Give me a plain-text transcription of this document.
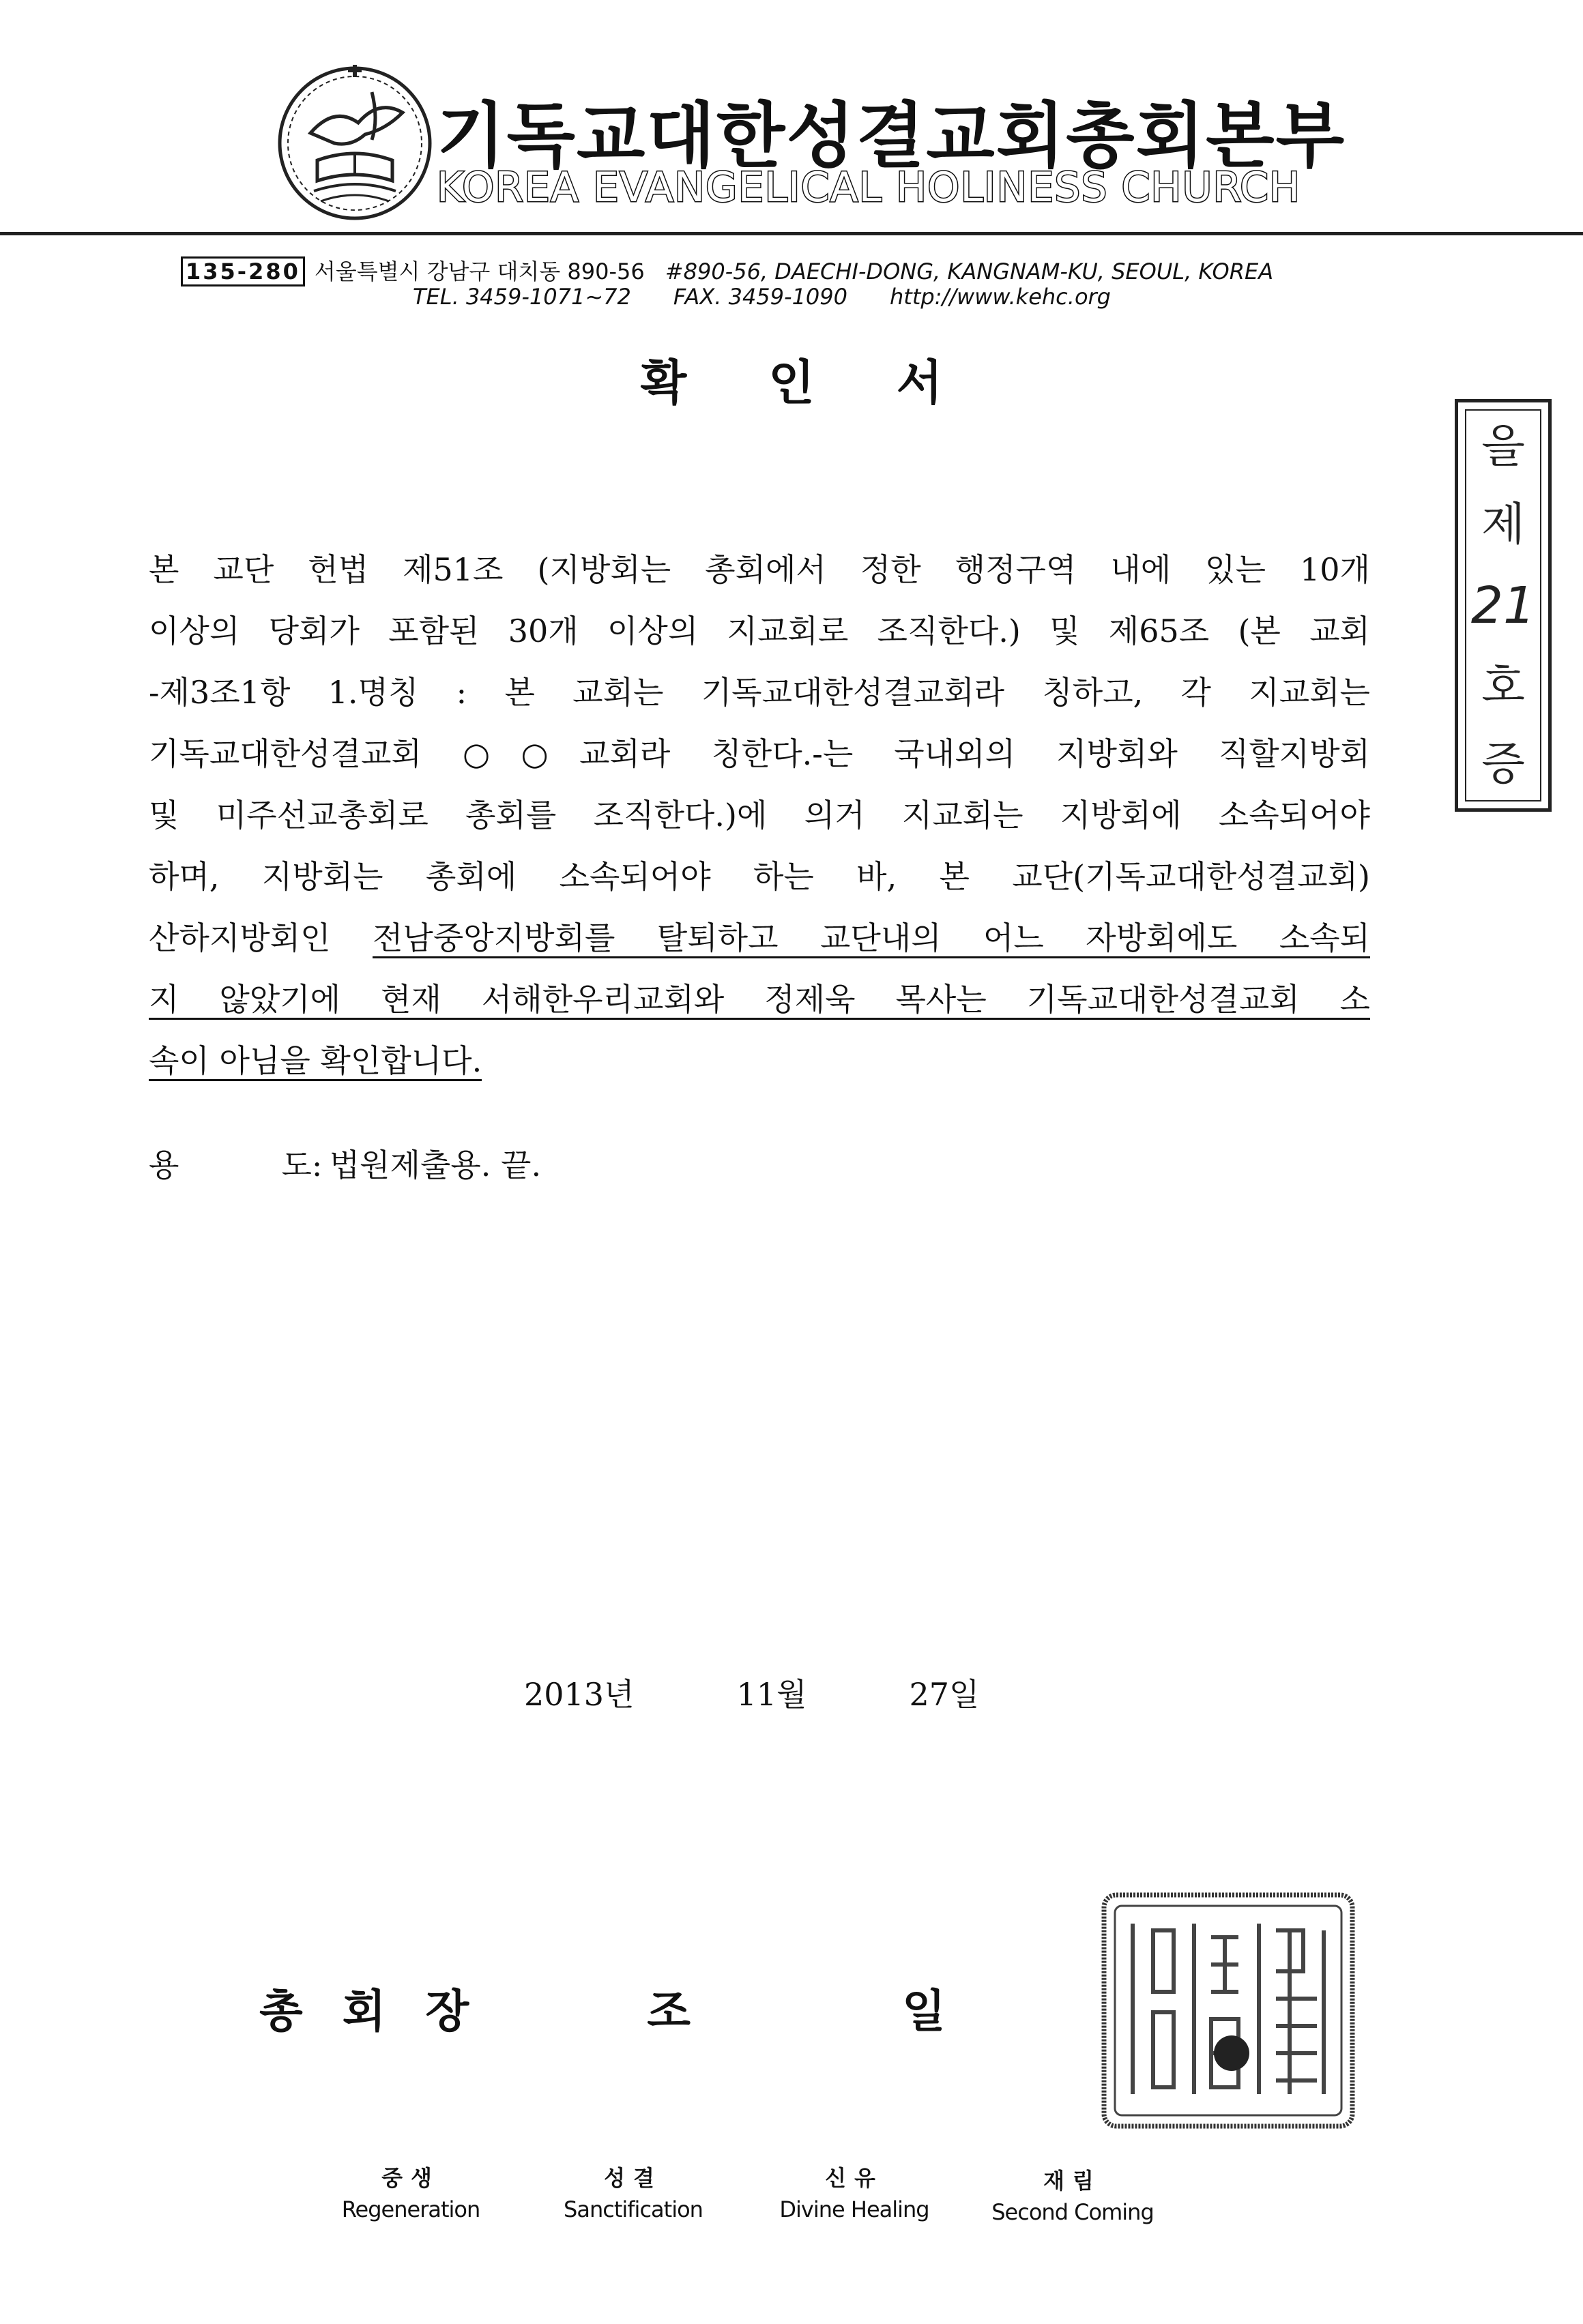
기독교대한성결교회총회본부
KOREA EVANGELICAL HOLINESS CHURCH
135-280 서울특별시 강남구 대치동 890-56 #890-56, DAECHI-DONG, KANGNAM-KU, SEOUL, KOREA
TEL. 3459-1071~72 FAX. 3459-1090 http://www.kehc.org
확인서
을
제
21
호
증
본 교단 헌법 제51조 (지방회는 총회에서 정한 행정구역 내에 있는 10개
이상의 당회가 포함된 30개 이상의 지교회로 조직한다.) 및 제65조 (본 교회
-제3조1항 1.명칭 : 본 교회는 기독교대한성결교회라 칭하고, 각 지교회는
기독교대한성결교회 ○○교회라 칭한다.-는 국내외의 지방회와 직할지방회
및 미주선교총회로 총회를 조직한다.)에 의거 지교회는 지방회에 소속되어야
하며, 지방회는 총회에 소속되어야 하는 바, 본 교단(기독교대한성결교회)
산하지방회인 전남중앙지방회를 탈퇴하고 교단내의 어느 자방회에도 소속되
지 않았기에 현재 서해한우리교회와 정제욱 목사는 기독교대한성결교회 소
속이 아님을 확인합니다.
용	도: 법원제출용. 끝.
2013년	11월	27일
총회장	조	일
중생
Regeneration
성결
Sanctification
신유
Divine Healing
재림
Second Coming
